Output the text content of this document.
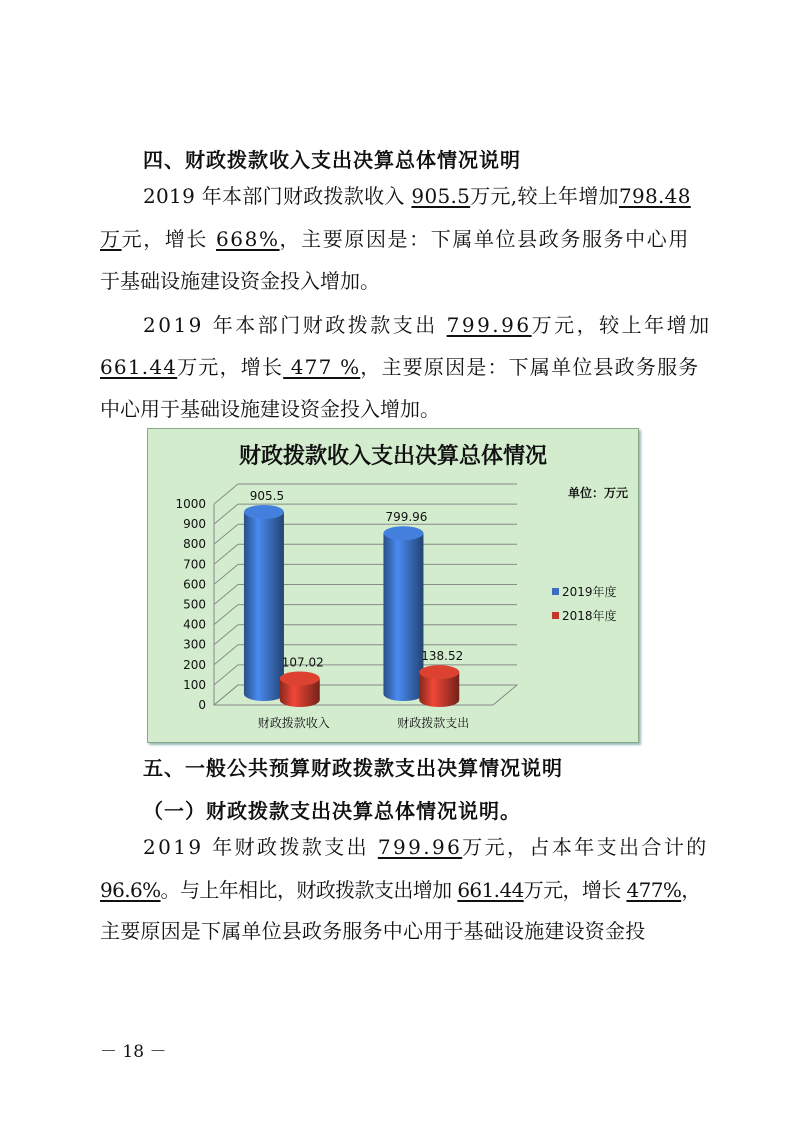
四、财政拨款收入支出决算总体情况说明
2019 年本部门财政拨款收入 905.5万元,较上年增加798.48
万元，增长 668%，主要原因是：下属单位县政务服务中心用
于基础设施建设资金投入增加。
2019 年本部门财政拨款支出 799.96万元，较上年增加
661.44万元，增长 477 %，主要原因是：下属单位县政务服务
中心用于基础设施建设资金投入增加。
财政拨款收入支出决算总体情况
单位：万元
0
100
200
300
400
500
600
700
800
900
1000
财政拨款收入
905.5
107.02
财政拨款支出
799.96
138.52
2019年度
2018年度
五、一般公共预算财政拨款支出决算情况说明
（一）财政拨款支出决算总体情况说明。
2019 年财政拨款支出 799.96万元，占本年支出合计的
96.6%。与上年相比，财政拨款支出增加 661.44万元，增长 477%，
主要原因是下属单位县政务服务中心用于基础设施建设资金投
－ 18 －
